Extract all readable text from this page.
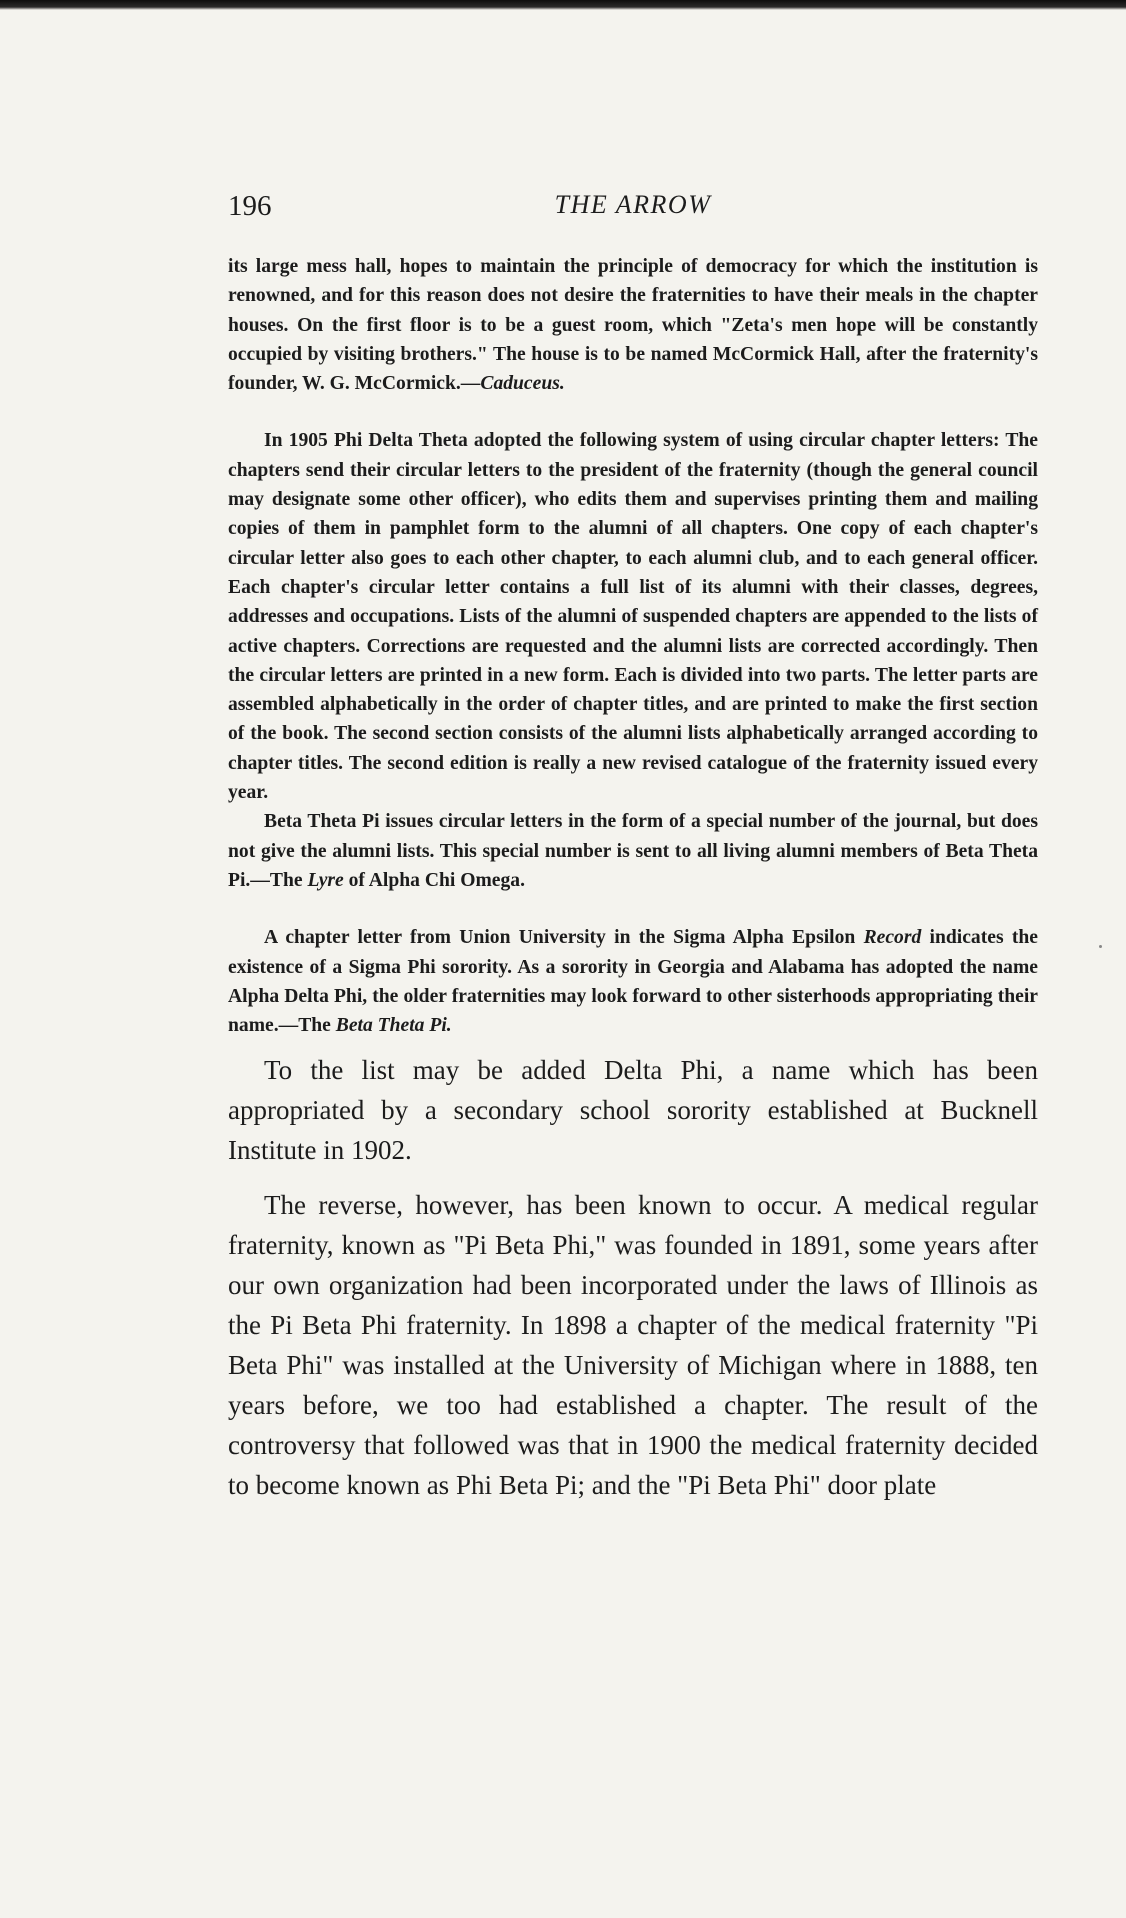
196	THE ARROW

its large mess hall, hopes to maintain the principle of democracy for which the institution is renowned, and for this reason does not desire the fraternities to have their meals in the chapter houses. On the first floor is to be a guest room, which "Zeta's men hope will be constantly occupied by visiting brothers." The house is to be named McCormick Hall, after the fraternity's founder, W. G. McCormick.—Caduceus.

In 1905 Phi Delta Theta adopted the following system of using circular chapter letters: The chapters send their circular letters to the president of the fraternity (though the general council may designate some other officer), who edits them and supervises printing them and mailing copies of them in pamphlet form to the alumni of all chapters. One copy of each chapter's circular letter also goes to each other chapter, to each alumni club, and to each general officer. Each chapter's circular letter contains a full list of its alumni with their classes, degrees, addresses and occupations. Lists of the alumni of suspended chapters are appended to the lists of active chapters. Corrections are requested and the alumni lists are corrected accordingly. Then the circular letters are printed in a new form. Each is divided into two parts. The letter parts are assembled alphabetically in the order of chapter titles, and are printed to make the first section of the book. The second section consists of the alumni lists alphabetically arranged according to chapter titles. The second edition is really a new revised catalogue of the fraternity issued every year.

Beta Theta Pi issues circular letters in the form of a special number of the journal, but does not give the alumni lists. This special number is sent to all living alumni members of Beta Theta Pi.—The Lyre of Alpha Chi Omega.

A chapter letter from Union University in the Sigma Alpha Epsilon Record indicates the existence of a Sigma Phi sorority. As a sorority in Georgia and Alabama has adopted the name Alpha Delta Phi, the older fraternities may look forward to other sisterhoods appropriating their name.—The Beta Theta Pi.

To the list may be added Delta Phi, a name which has been appropriated by a secondary school sorority established at Bucknell Institute in 1902.

The reverse, however, has been known to occur. A medical regular fraternity, known as "Pi Beta Phi," was founded in 1891, some years after our own organization had been incorporated under the laws of Illinois as the Pi Beta Phi fraternity. In 1898 a chapter of the medical fraternity "Pi Beta Phi" was installed at the University of Michigan where in 1888, ten years before, we too had established a chapter. The result of the controversy that followed was that in 1900 the medical fraternity decided to become known as Phi Beta Pi; and the "Pi Beta Phi" door plate
